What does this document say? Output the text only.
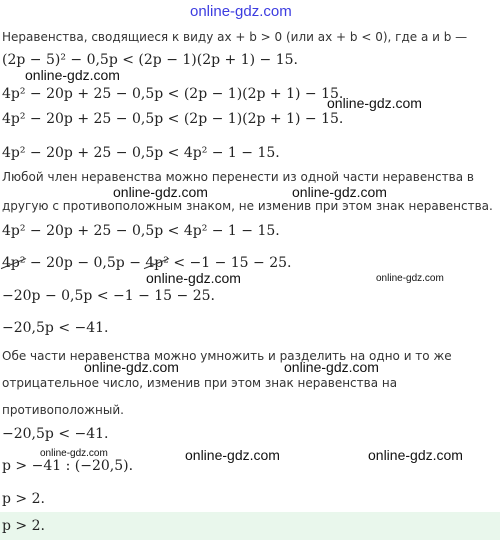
online-gdz.com
online-gdz.com
online-gdz.com
online-gdz.com	online-gdz.com
online-gdz.com
online-gdz.com
online-gdz.com	online-gdz.com
online-gdz.com	online-gdz.com	online-gdz.com
Неравенства, сводящиеся к виду ax + b > 0 (или ax + b < 0), где a и b —
(2p − 5)² − 0,5p < (2p − 1)(2p + 1) − 15.
4p² − 20p + 25 − 0,5p < (2p − 1)(2p + 1) − 15.
4p² − 20p + 25 − 0,5p < (2p − 1)(2p + 1) − 15.
4p² − 20p + 25 − 0,5p < 4p² − 1 − 15.
Любой член неравенства можно перенести из одной части неравенства в
другую с противоположным знаком, не изменив при этом знак неравенства.
4p² − 20p + 25 − 0,5p < 4p² − 1 − 15.
4p² − 20p − 0,5p − 4p² < −1 − 15 − 25.
−20p − 0,5p < −1 − 15 − 25.
−20,5p < −41.
Обе части неравенства можно умножить и разделить на одно и то же
отрицательное число, изменив при этом знак неравенства на
противоположный.
−20,5p < −41.
p > −41 : (−20,5).
p > 2.
p > 2.
